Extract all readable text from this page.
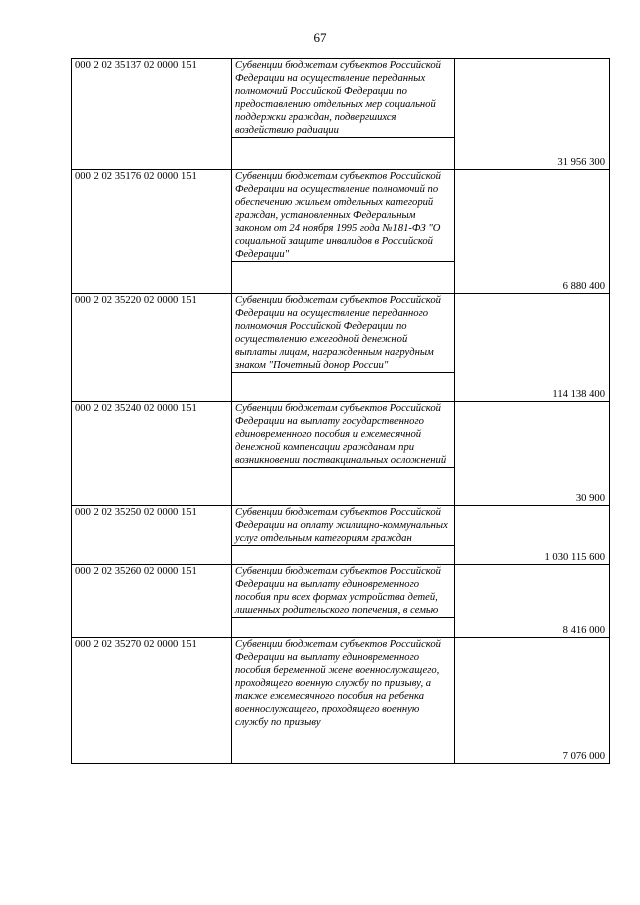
67
000 2 02 35137 02 0000 151	Субвенции бюджетам субъектов Российской Федерации на осуществление переданных полномочий Российской Федерации по предоставлению отдельных мер социальной поддержки граждан, подвергшихся воздействию радиации	31 956 300
000 2 02 35176 02 0000 151	Субвенции бюджетам субъектов Российской Федерации на осуществление полномочий по обеспечению жильем отдельных категорий граждан, установленных Федеральным законом от 24 ноября 1995 года №181-ФЗ "О социальной защите инвалидов в Российской Федерации"	6 880 400
000 2 02 35220 02 0000 151	Субвенции бюджетам субъектов Российской Федерации на осуществление переданного полномочия Российской Федерации по осуществлению ежегодной денежной выплаты лицам, награжденным нагрудным знаком "Почетный донор России"	114 138 400
000 2 02 35240 02 0000 151	Субвенции бюджетам субъектов Российской Федерации на выплату государственного единовременного пособия и ежемесячной денежной компенсации гражданам при возникновении поствакцинальных осложнений	30 900
000 2 02 35250 02 0000 151	Субвенции бюджетам субъектов Российской Федерации на оплату жилищно-коммунальных услуг отдельным категориям граждан	1 030 115 600
000 2 02 35260 02 0000 151	Субвенции бюджетам субъектов Российской Федерации на выплату единовременного пособия при всех формах устройства детей, лишенных родительского попечения, в семью	8 416 000
000 2 02 35270 02 0000 151	Субвенции бюджетам субъектов Российской Федерации на выплату единовременного пособия беременной жене военнослужащего, проходящего военную службу по призыву, а также ежемесячного пособия на ребенка военнослужащего, проходящего военную службу по призыву	7 076 000
